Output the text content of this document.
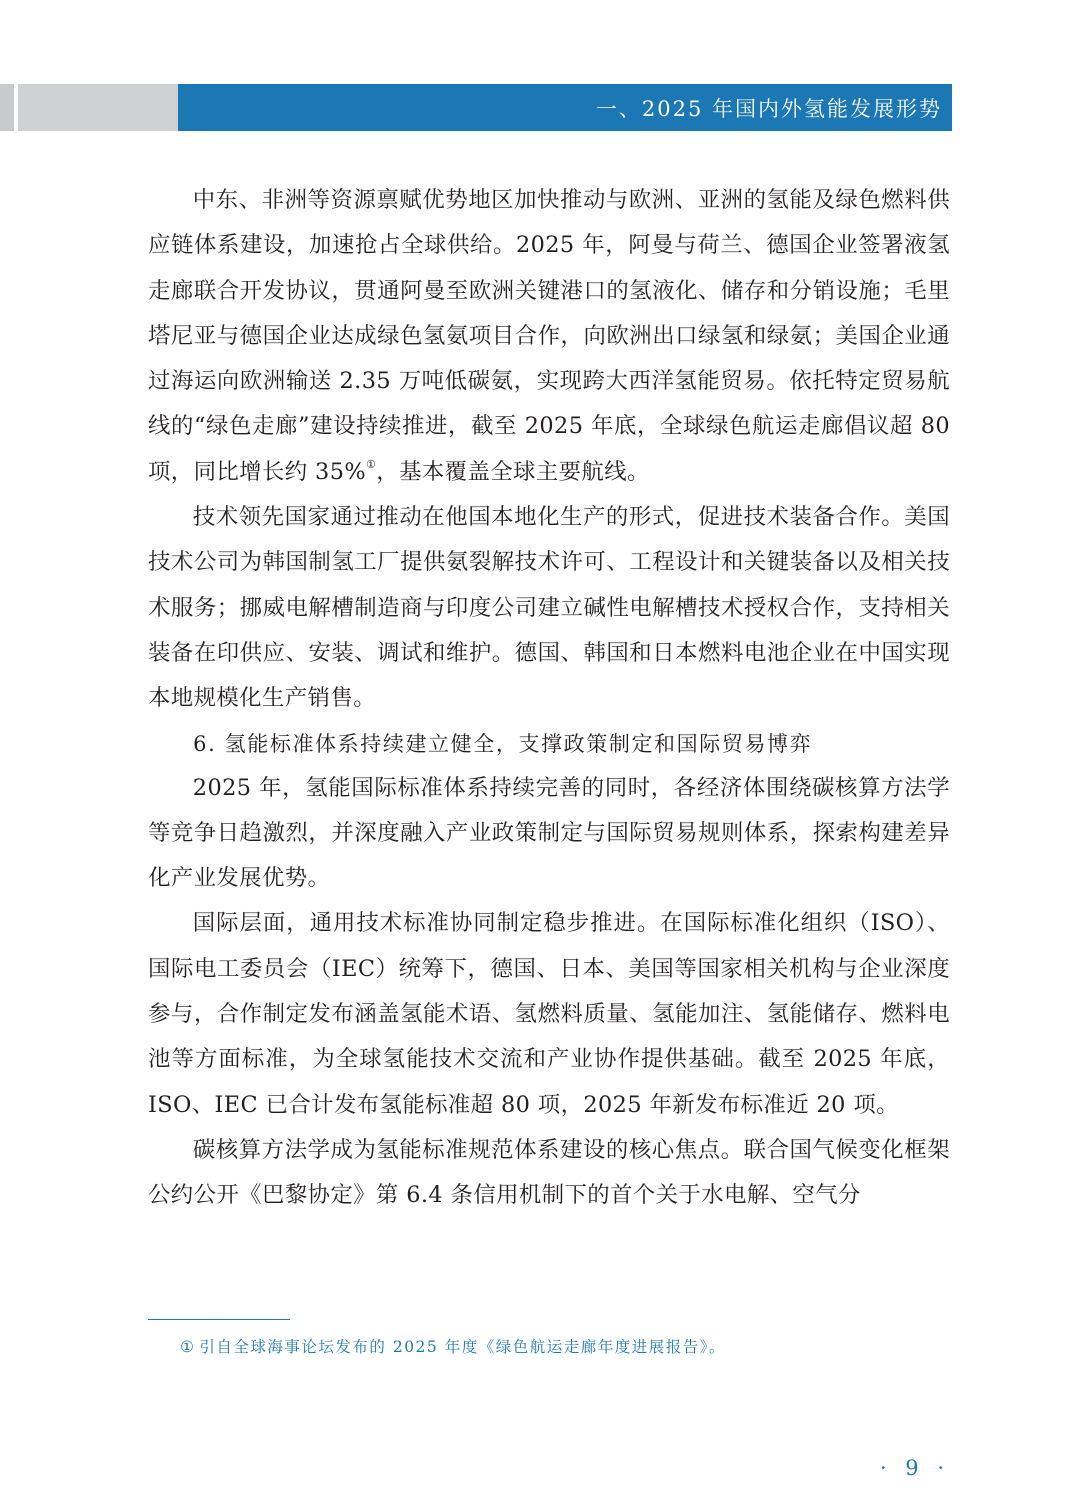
一、2025 年国内外氢能发展形势

中东、非洲等资源禀赋优势地区加快推动与欧洲、亚洲的氢能及绿色燃料供应链体系建设，加速抢占全球供给。2025 年，阿曼与荷兰、德国企业签署液氢走廊联合开发协议，贯通阿曼至欧洲关键港口的氢液化、储存和分销设施；毛里塔尼亚与德国企业达成绿色氢氨项目合作，向欧洲出口绿氢和绿氨；美国企业通过海运向欧洲输送 2.35 万吨低碳氨，实现跨大西洋氢能贸易。依托特定贸易航线的“绿色走廊”建设持续推进，截至 2025 年底，全球绿色航运走廊倡议超 80 项，同比增长约 35%①，基本覆盖全球主要航线。

技术领先国家通过推动在他国本地化生产的形式，促进技术装备合作。美国技术公司为韩国制氢工厂提供氨裂解技术许可、工程设计和关键装备以及相关技术服务；挪威电解槽制造商与印度公司建立碱性电解槽技术授权合作，支持相关装备在印供应、安装、调试和维护。德国、韩国和日本燃料电池企业在中国实现本地规模化生产销售。

6. 氢能标准体系持续建立健全，支撑政策制定和国际贸易博弈

2025 年，氢能国际标准体系持续完善的同时，各经济体围绕碳核算方法学等竞争日趋激烈，并深度融入产业政策制定与国际贸易规则体系，探索构建差异化产业发展优势。

国际层面，通用技术标准协同制定稳步推进。在国际标准化组织（ISO）、国际电工委员会（IEC）统筹下，德国、日本、美国等国家相关机构与企业深度参与，合作制定发布涵盖氢能术语、氢燃料质量、氢能加注、氢能储存、燃料电池等方面标准，为全球氢能技术交流和产业协作提供基础。截至 2025 年底，ISO、IEC 已合计发布氢能标准超 80 项，2025 年新发布标准近 20 项。

碳核算方法学成为氢能标准规范体系建设的核心焦点。联合国气候变化框架公约公开《巴黎协定》第 6.4 条信用机制下的首个关于水电解、空气分

① 引自全球海事论坛发布的 2025 年度《绿色航运走廊年度进展报告》。
· 9 ·
